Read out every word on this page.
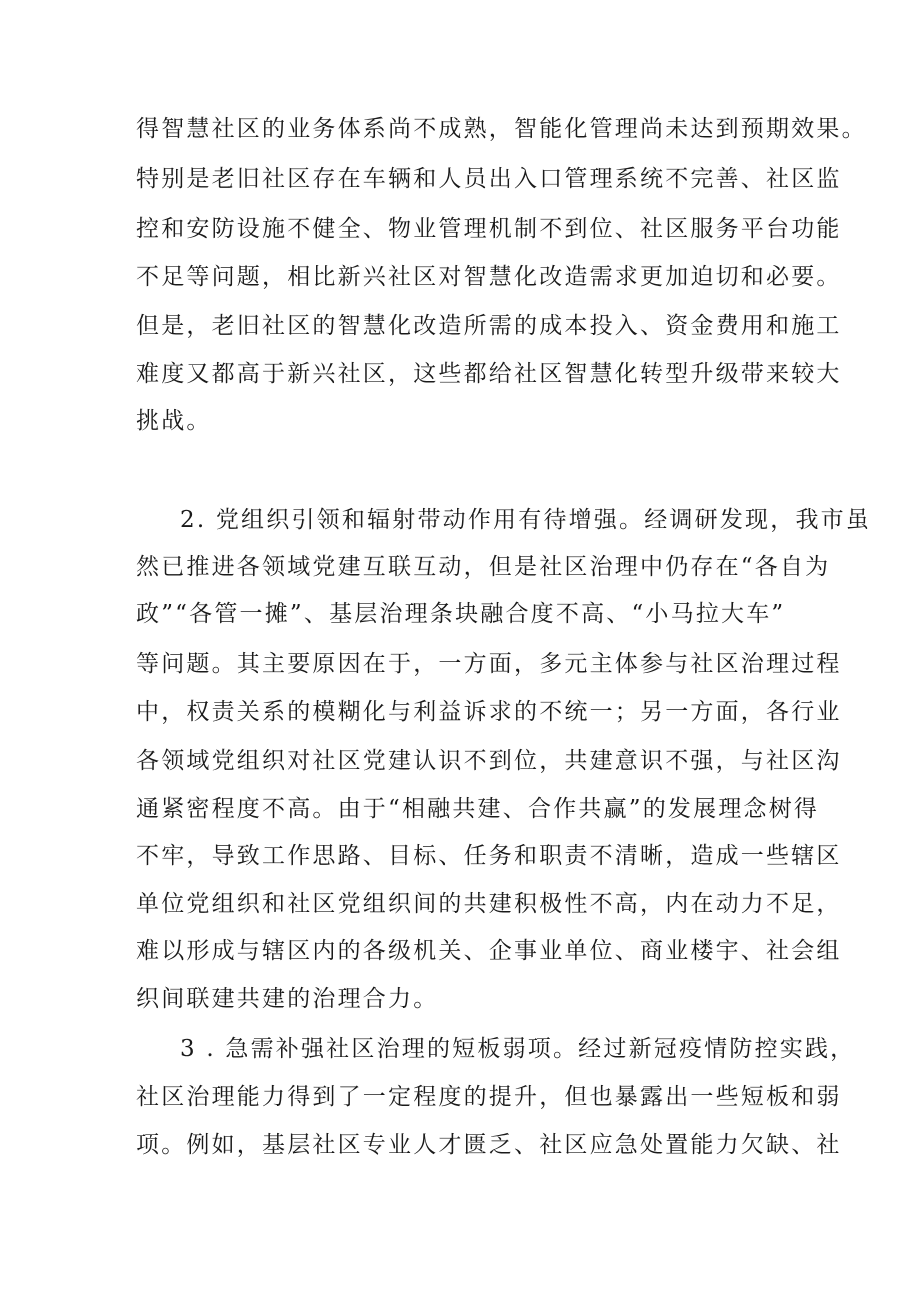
得智慧社区的业务体系尚不成熟，智能化管理尚未达到预期效果。
特别是老旧社区存在车辆和人员出入口管理系统不完善、社区监
控和安防设施不健全、物业管理机制不到位、社区服务平台功能
不足等问题，相比新兴社区对智慧化改造需求更加迫切和必要。
但是，老旧社区的智慧化改造所需的成本投入、资金费用和施工
难度又都高于新兴社区，这些都给社区智慧化转型升级带来较大
挑战。
2. 党组织引领和辐射带动作用有待增强。经调研发现，我市虽
然已推进各领域党建互联互动，但是社区治理中仍存在“各自为
政”“各管一摊”、基层治理条块融合度不高、“小马拉大车”
等问题。其主要原因在于，一方面，多元主体参与社区治理过程
中，权责关系的模糊化与利益诉求的不统一；另一方面，各行业
各领域党组织对社区党建认识不到位，共建意识不强，与社区沟
通紧密程度不高。由于“相融共建、合作共赢”的发展理念树得
不牢，导致工作思路、目标、任务和职责不清晰，造成一些辖区
单位党组织和社区党组织间的共建积极性不高，内在动力不足，
难以形成与辖区内的各级机关、企事业单位、商业楼宇、社会组
织间联建共建的治理合力。
3 . 急需补强社区治理的短板弱项。经过新冠疫情防控实践，
社区治理能力得到了一定程度的提升，但也暴露出一些短板和弱
项。例如，基层社区专业人才匮乏、社区应急处置能力欠缺、社
